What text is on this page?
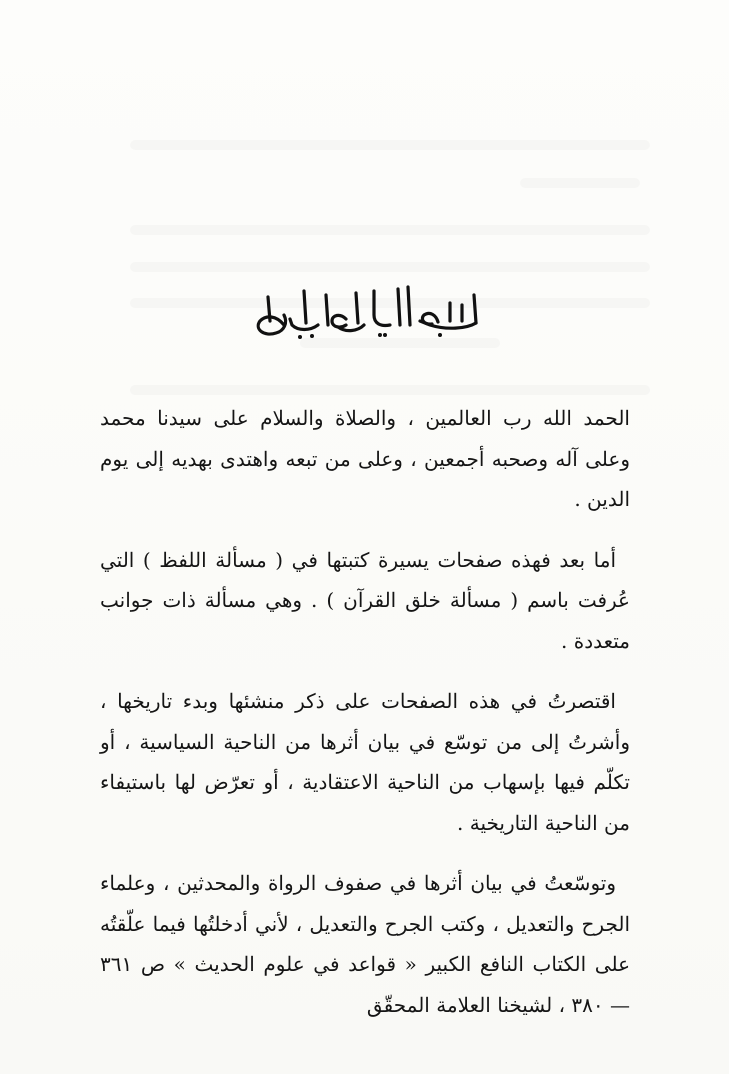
الحمد الله رب العالمين ، والصلاة والسلام على سيدنا محمد وعلى آله وصحبه أجمعين ، وعلى من تبعه واهتدى بهديه إلى يوم الدين .

أما بعد فهذه صفحات يسيرة كتبتها في ( مسألة اللفظ ) التي عُرفت باسم ( مسألة خلق القرآن ) . وهي مسألة ذات جوانب متعددة .

اقتصرتُ في هذه الصفحات على ذكر منشئها وبدء تاريخها ، وأشرتُ إلى من توسّع في بيان أثرها من الناحية السياسية ، أو تكلّم فيها بإسهاب من الناحية الاعتقادية ، أو تعرّض لها باستيفاء من الناحية التاريخية .

وتوسّعتُ في بيان أثرها في صفوف الرواة والمحدثين ، وعلماء الجرح والتعديل ، وكتب الجرح والتعديل ، لأني أدخلتُها فيما علّقتُه على الكتاب النافع الكبير « قواعد في علوم الحديث » ص ٣٦١ — ٣٨٠ ، لشيخنا العلامة المحقّق
